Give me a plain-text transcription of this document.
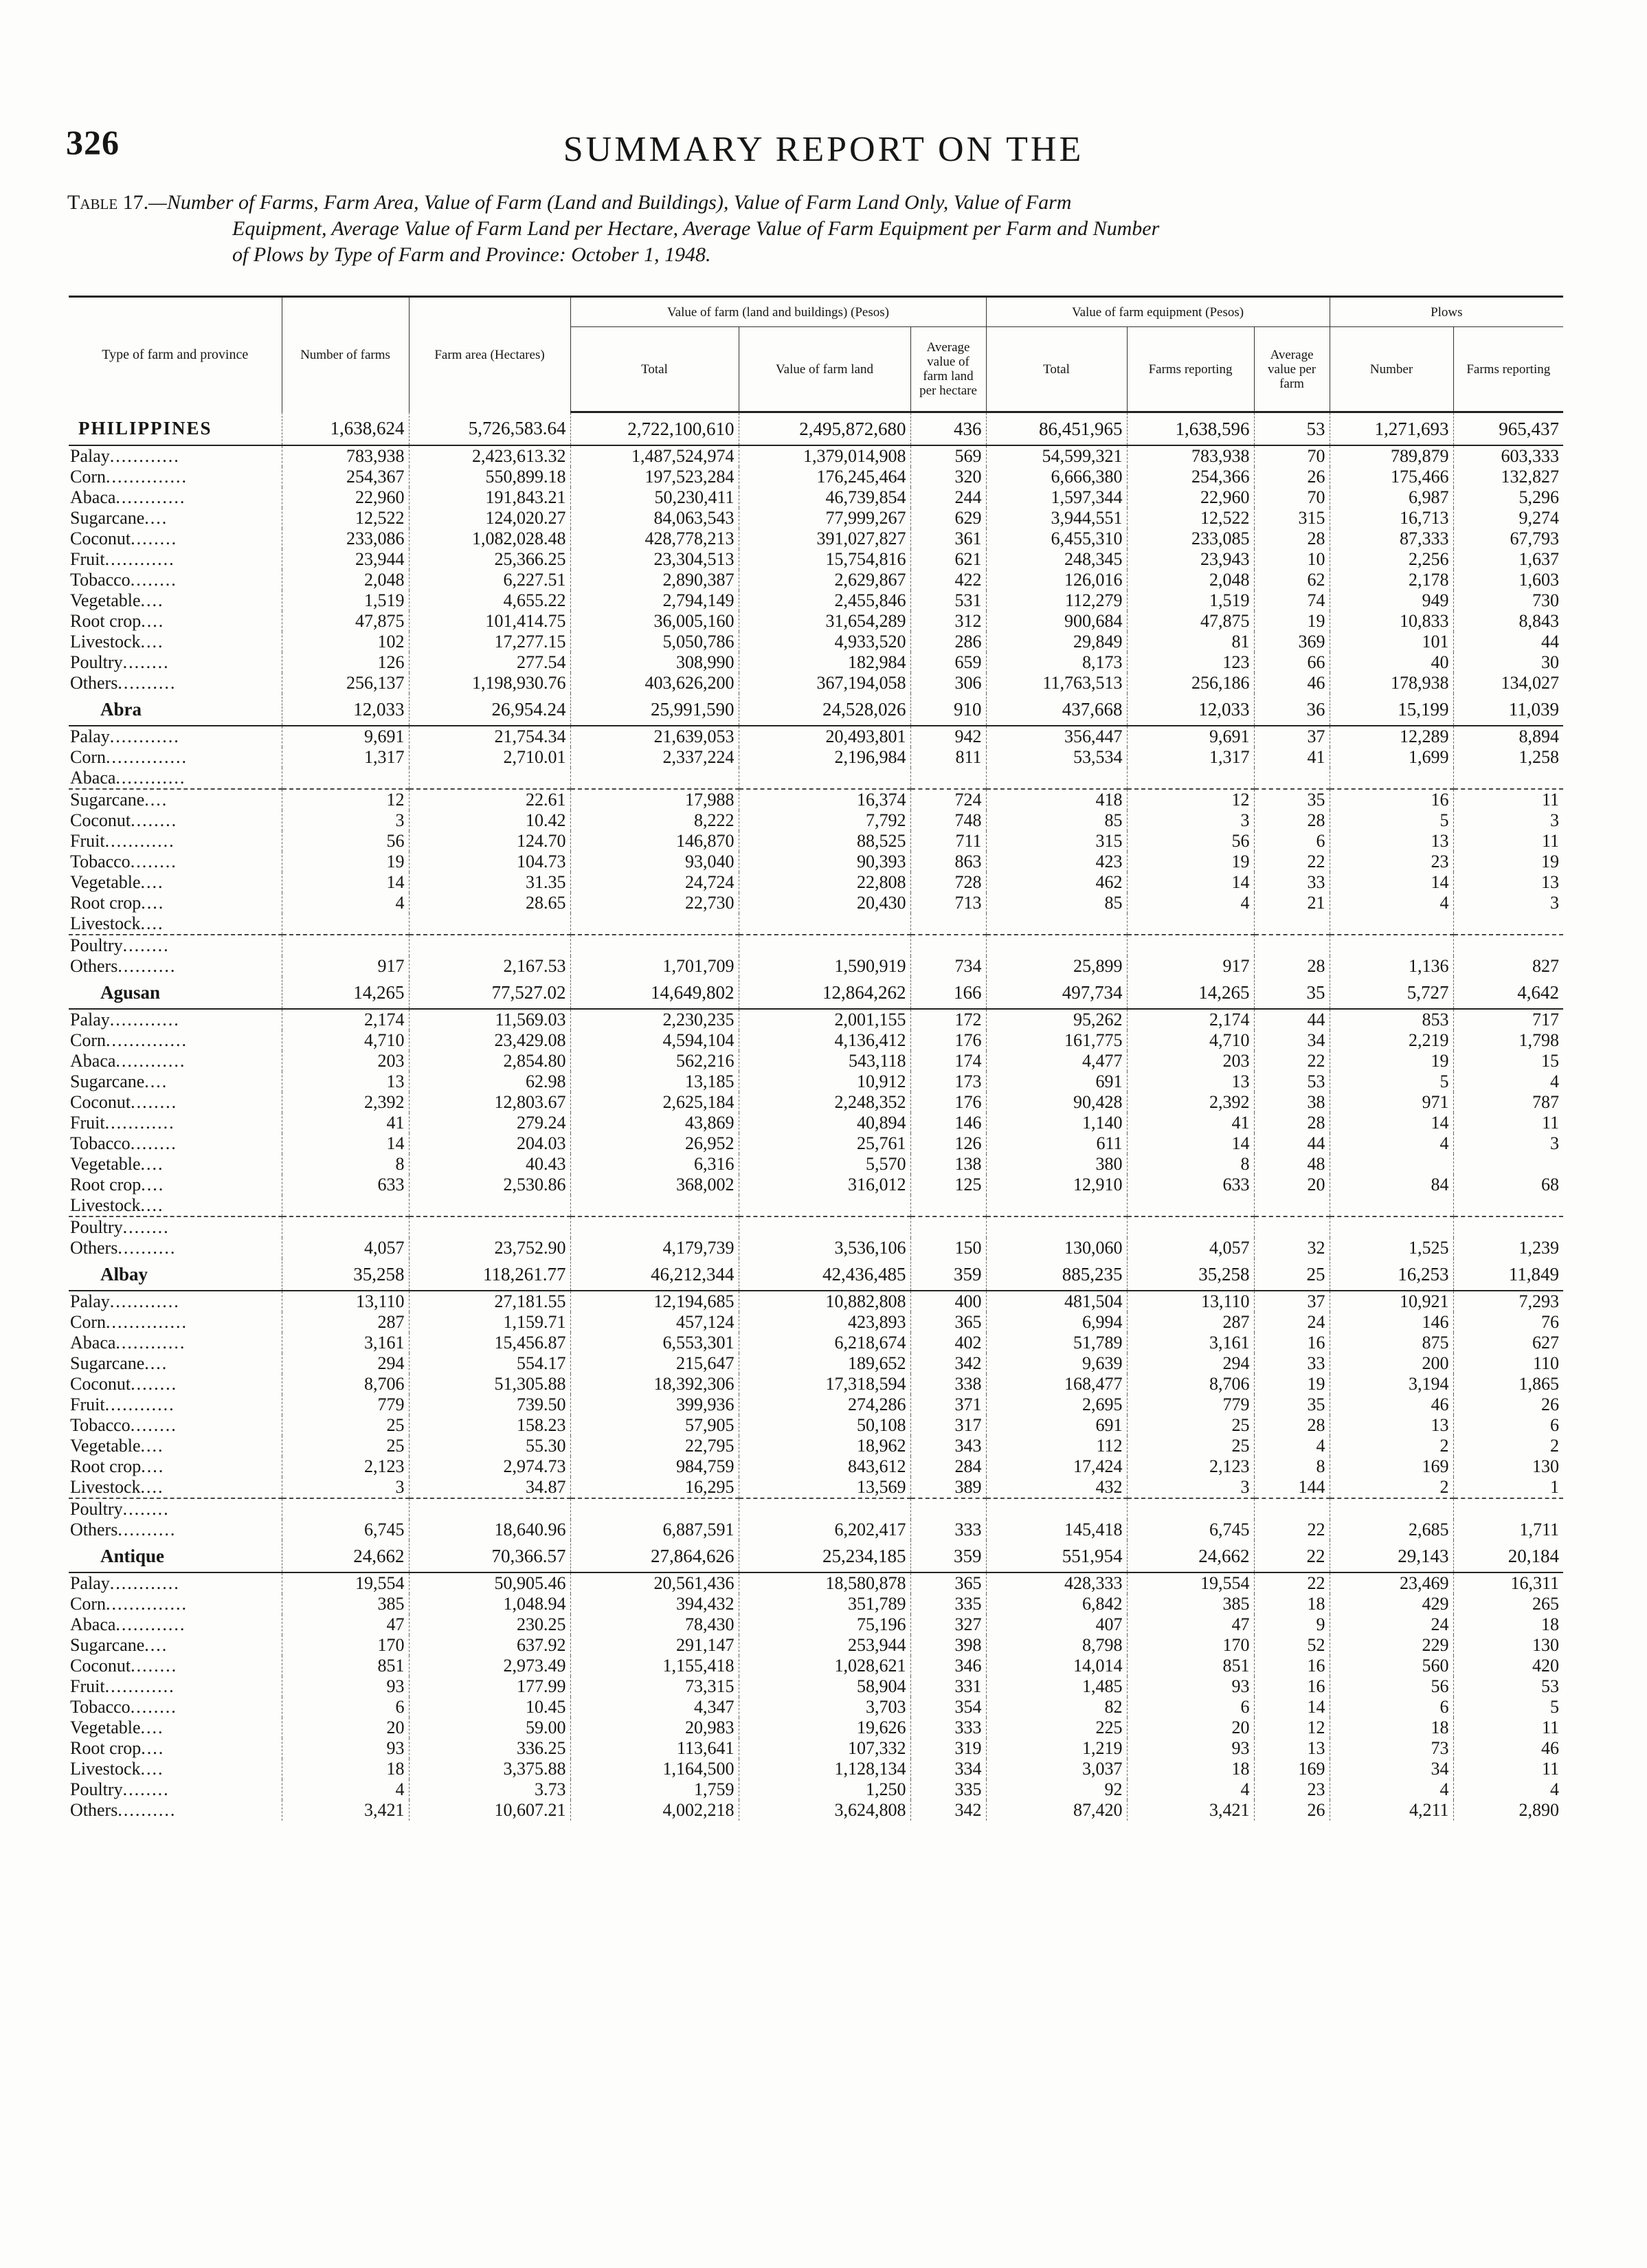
326	SUMMARY REPORT ON THE
Table 17.—Number of Farms, Farm Area, Value of Farm (Land and Buildings), Value of Farm Land Only, Value of Farm
Equipment, Average Value of Farm Land per Hectare, Average Value of Farm Equipment per Farm and Number
of Plows by Type of Farm and Province: October 1, 1948.
Type of farm and province	Number of farms	Farm area (Hectares)	Value of farm (land and buildings) (Pesos)			Value of farm equipment (Pesos)			Plows	
			Total	Value of farm land	Average value of farm land per hectare	Total	Farms reporting	Average value per farm	Number	Farms reporting
PHILIPPINES	1,638,624	5,726,583.64	2,722,100,610	2,495,872,680	436	86,451,965	1,638,596	53	1,271,693	965,437
Palay............	783,938	2,423,613.32	1,487,524,974	1,379,014,908	569	54,599,321	783,938	70	789,879	603,333
Corn..............	254,367	550,899.18	197,523,284	176,245,464	320	6,666,380	254,366	26	175,466	132,827
Abaca............	22,960	191,843.21	50,230,411	46,739,854	244	1,597,344	22,960	70	6,987	5,296
Sugarcane....	12,522	124,020.27	84,063,543	77,999,267	629	3,944,551	12,522	315	16,713	9,274
Coconut........	233,086	1,082,028.48	428,778,213	391,027,827	361	6,455,310	233,085	28	87,333	67,793
Fruit............	23,944	25,366.25	23,304,513	15,754,816	621	248,345	23,943	10	2,256	1,637
Tobacco........	2,048	6,227.51	2,890,387	2,629,867	422	126,016	2,048	62	2,178	1,603
Vegetable....	1,519	4,655.22	2,794,149	2,455,846	531	112,279	1,519	74	949	730
Root crop....	47,875	101,414.75	36,005,160	31,654,289	312	900,684	47,875	19	10,833	8,843
Livestock....	102	17,277.15	5,050,786	4,933,520	286	29,849	81	369	101	44
Poultry........	126	277.54	308,990	182,984	659	8,173	123	66	40	30
Others..........	256,137	1,198,930.76	403,626,200	367,194,058	306	11,763,513	256,186	46	178,938	134,027
Abra	12,033	26,954.24	25,991,590	24,528,026	910	437,668	12,033	36	15,199	11,039
Palay............	9,691	21,754.34	21,639,053	20,493,801	942	356,447	9,691	37	12,289	8,894
Corn..............	1,317	2,710.01	2,337,224	2,196,984	811	53,534	1,317	41	1,699	1,258
Abaca............										
Sugarcane....	12	22.61	17,988	16,374	724	418	12	35	16	11
Coconut........	3	10.42	8,222	7,792	748	85	3	28	5	3
Fruit............	56	124.70	146,870	88,525	711	315	56	6	13	11
Tobacco........	19	104.73	93,040	90,393	863	423	19	22	23	19
Vegetable....	14	31.35	24,724	22,808	728	462	14	33	14	13
Root crop....	4	28.65	22,730	20,430	713	85	4	21	4	3
Livestock....										
Poultry........										
Others..........	917	2,167.53	1,701,709	1,590,919	734	25,899	917	28	1,136	827
Agusan	14,265	77,527.02	14,649,802	12,864,262	166	497,734	14,265	35	5,727	4,642
Palay............	2,174	11,569.03	2,230,235	2,001,155	172	95,262	2,174	44	853	717
Corn..............	4,710	23,429.08	4,594,104	4,136,412	176	161,775	4,710	34	2,219	1,798
Abaca............	203	2,854.80	562,216	543,118	174	4,477	203	22	19	15
Sugarcane....	13	62.98	13,185	10,912	173	691	13	53	5	4
Coconut........	2,392	12,803.67	2,625,184	2,248,352	176	90,428	2,392	38	971	787
Fruit............	41	279.24	43,869	40,894	146	1,140	41	28	14	11
Tobacco........	14	204.03	26,952	25,761	126	611	14	44	4	3
Vegetable....	8	40.43	6,316	5,570	138	380	8	48		
Root crop....	633	2,530.86	368,002	316,012	125	12,910	633	20	84	68
Livestock....										
Poultry........										
Others..........	4,057	23,752.90	4,179,739	3,536,106	150	130,060	4,057	32	1,525	1,239
Albay	35,258	118,261.77	46,212,344	42,436,485	359	885,235	35,258	25	16,253	11,849
Palay............	13,110	27,181.55	12,194,685	10,882,808	400	481,504	13,110	37	10,921	7,293
Corn..............	287	1,159.71	457,124	423,893	365	6,994	287	24	146	76
Abaca............	3,161	15,456.87	6,553,301	6,218,674	402	51,789	3,161	16	875	627
Sugarcane....	294	554.17	215,647	189,652	342	9,639	294	33	200	110
Coconut........	8,706	51,305.88	18,392,306	17,318,594	338	168,477	8,706	19	3,194	1,865
Fruit............	779	739.50	399,936	274,286	371	2,695	779	35	46	26
Tobacco........	25	158.23	57,905	50,108	317	691	25	28	13	6
Vegetable....	25	55.30	22,795	18,962	343	112	25	4	2	2
Root crop....	2,123	2,974.73	984,759	843,612	284	17,424	2,123	8	169	130
Livestock....	3	34.87	16,295	13,569	389	432	3	144	2	1
Poultry........										
Others..........	6,745	18,640.96	6,887,591	6,202,417	333	145,418	6,745	22	2,685	1,711
Antique	24,662	70,366.57	27,864,626	25,234,185	359	551,954	24,662	22	29,143	20,184
Palay............	19,554	50,905.46	20,561,436	18,580,878	365	428,333	19,554	22	23,469	16,311
Corn..............	385	1,048.94	394,432	351,789	335	6,842	385	18	429	265
Abaca............	47	230.25	78,430	75,196	327	407	47	9	24	18
Sugarcane....	170	637.92	291,147	253,944	398	8,798	170	52	229	130
Coconut........	851	2,973.49	1,155,418	1,028,621	346	14,014	851	16	560	420
Fruit............	93	177.99	73,315	58,904	331	1,485	93	16	56	53
Tobacco........	6	10.45	4,347	3,703	354	82	6	14	6	5
Vegetable....	20	59.00	20,983	19,626	333	225	20	12	18	11
Root crop....	93	336.25	113,641	107,332	319	1,219	93	13	73	46
Livestock....	18	3,375.88	1,164,500	1,128,134	334	3,037	18	169	34	11
Poultry........	4	3.73	1,759	1,250	335	92	4	23	4	4
Others..........	3,421	10,607.21	4,002,218	3,624,808	342	87,420	3,421	26	4,211	2,890
